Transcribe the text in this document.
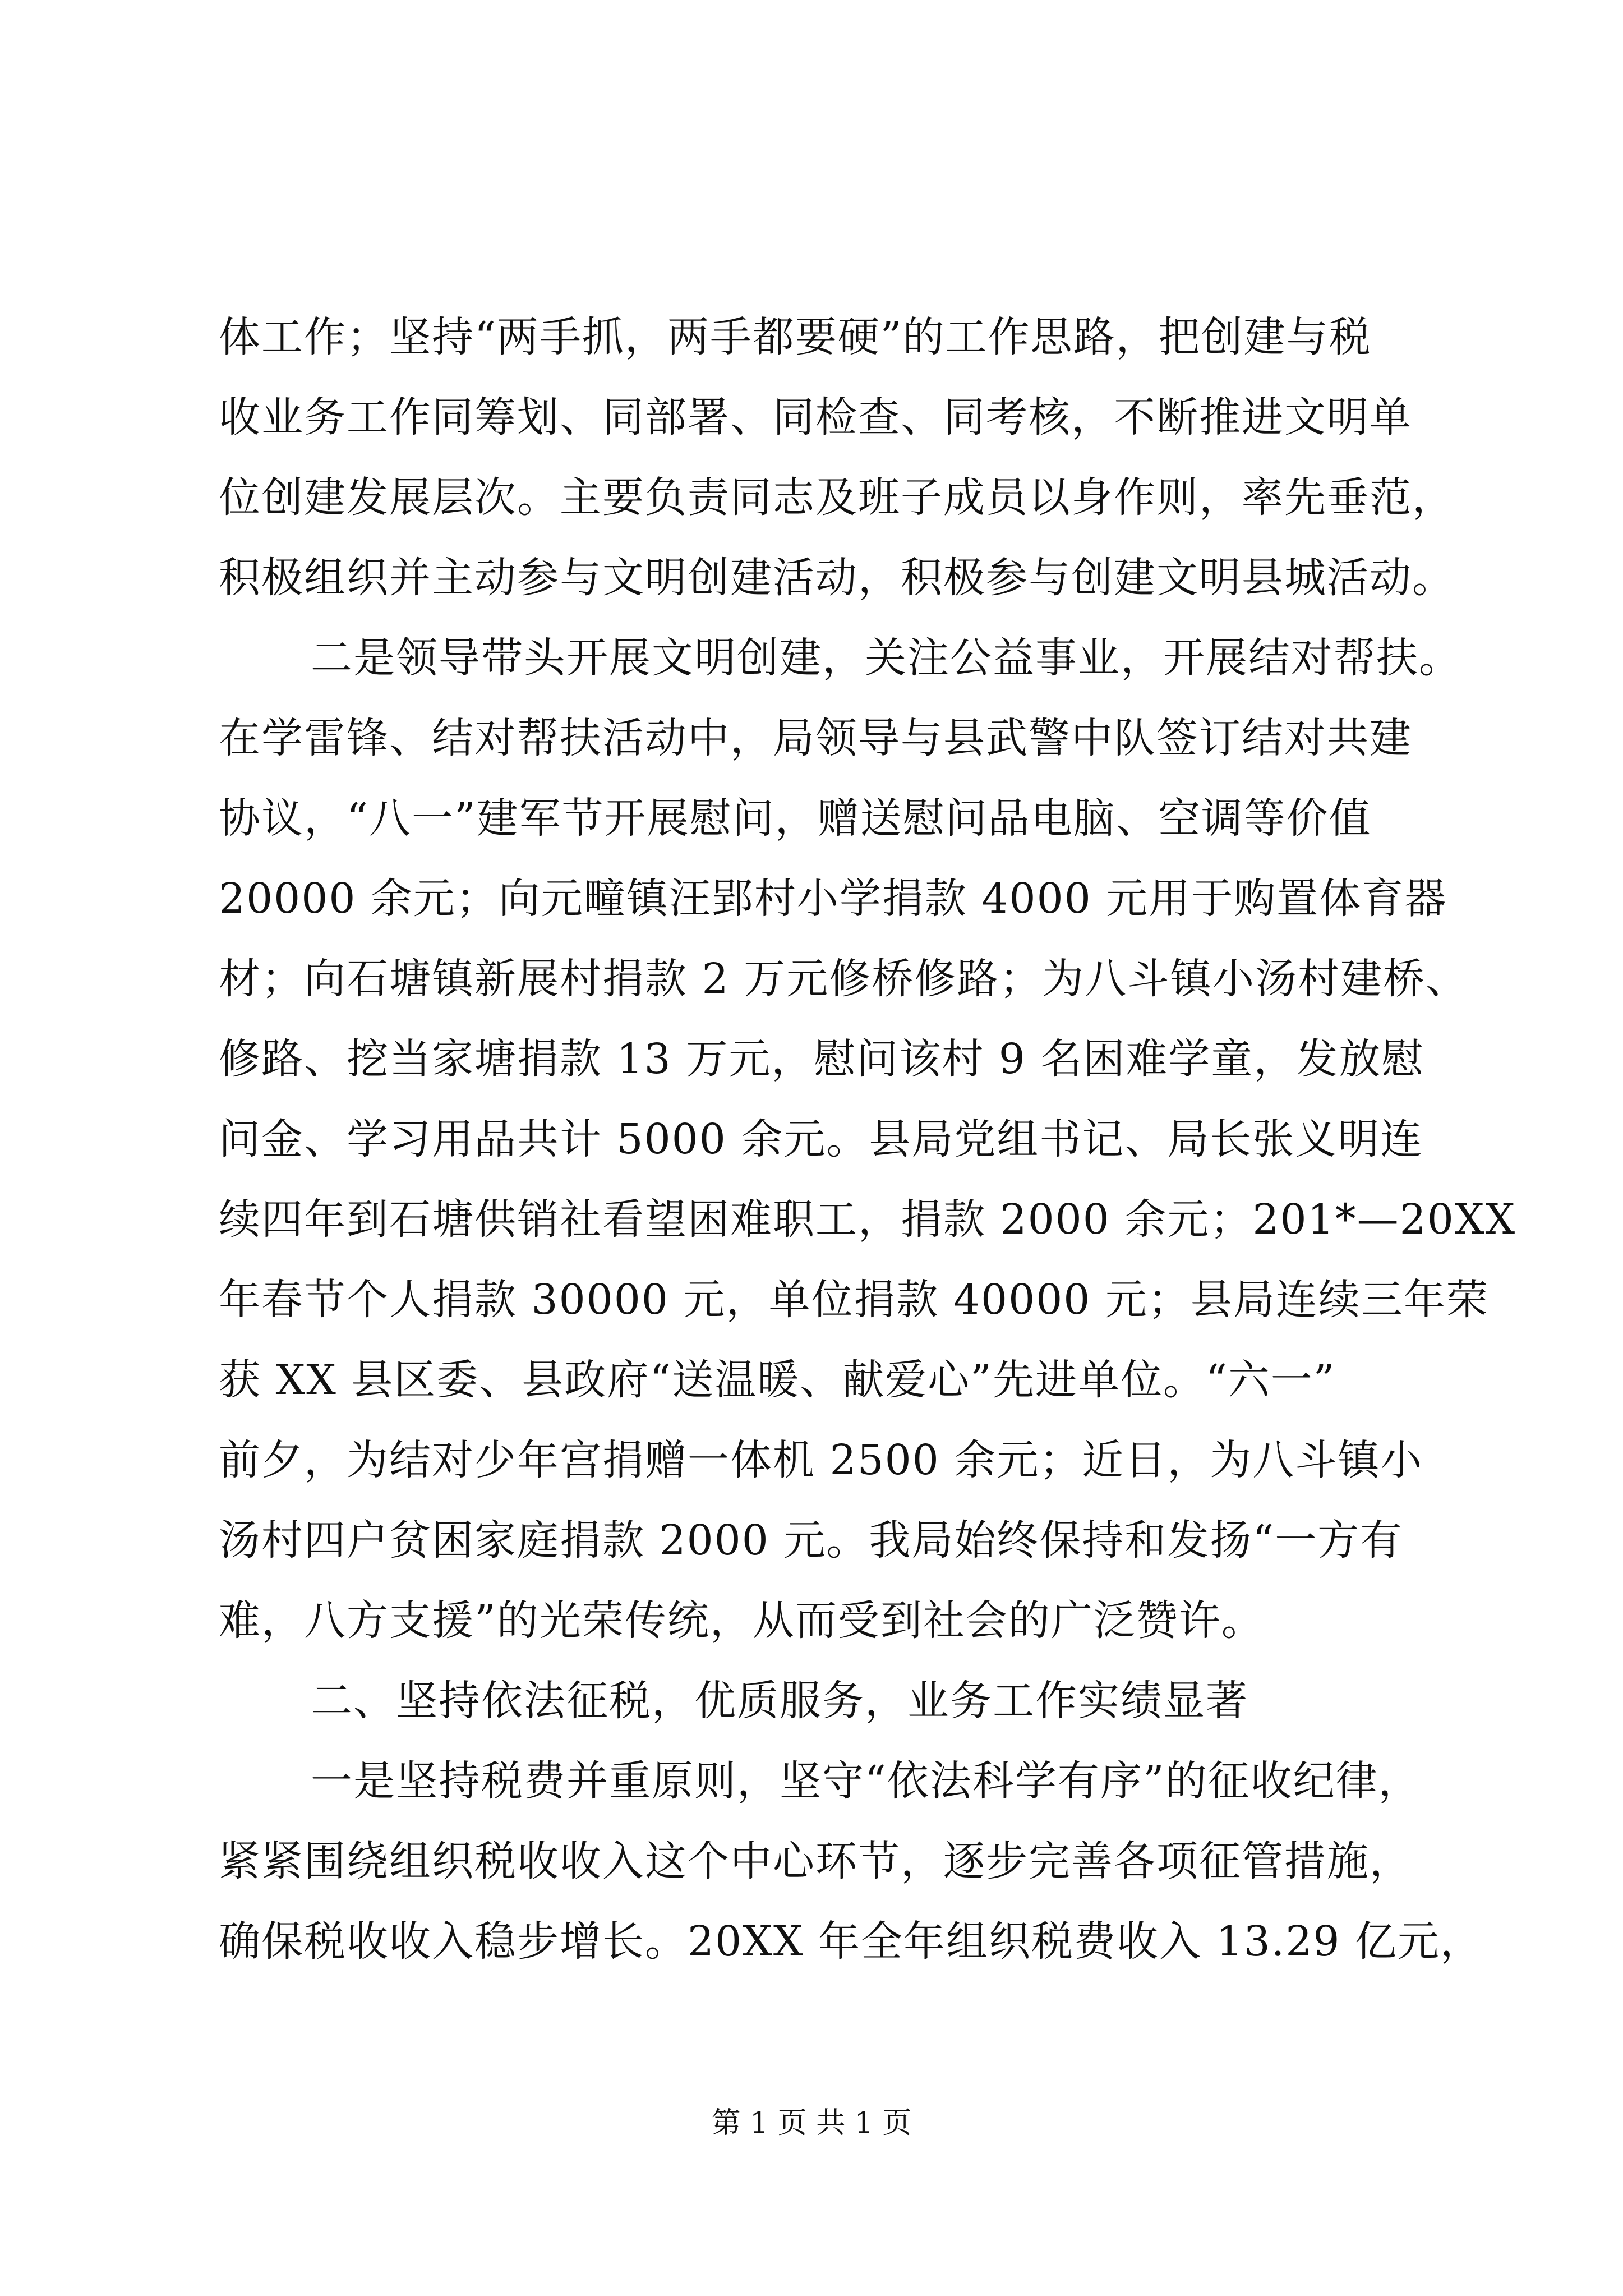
体工作；坚持“两手抓，两手都要硬”的工作思路，把创建与税
收业务工作同筹划、同部署、同检查、同考核，不断推进文明单
位创建发展层次。主要负责同志及班子成员以身作则，率先垂范，
积极组织并主动参与文明创建活动，积极参与创建文明县城活动。
二是领导带头开展文明创建，关注公益事业，开展结对帮扶。
在学雷锋、结对帮扶活动中，局领导与县武警中队签订结对共建
协议，“八一”建军节开展慰问，赠送慰问品电脑、空调等价值
20000 余元；向元疃镇汪郢村小学捐款 4000 元用于购置体育器
材；向石塘镇新展村捐款 2 万元修桥修路；为八斗镇小汤村建桥、
修路、挖当家塘捐款 13 万元，慰问该村 9 名困难学童，发放慰
问金、学习用品共计 5000 余元。县局党组书记、局长张义明连
续四年到石塘供销社看望困难职工，捐款 2000 余元；201*—20XX
年春节个人捐款 30000 元，单位捐款 40000 元；县局连续三年荣
获 XX 县区委、县政府“送温暖、献爱心”先进单位。“六一”
前夕，为结对少年宫捐赠一体机 2500 余元；近日，为八斗镇小
汤村四户贫困家庭捐款 2000 元。我局始终保持和发扬“一方有
难，八方支援”的光荣传统，从而受到社会的广泛赞许。
二、坚持依法征税，优质服务，业务工作实绩显著
一是坚持税费并重原则，坚守“依法科学有序”的征收纪律，
紧紧围绕组织税收收入这个中心环节，逐步完善各项征管措施，
确保税收收入稳步增长。20XX 年全年组织税费收入 13.29 亿元，
第 1 页 共 1 页
